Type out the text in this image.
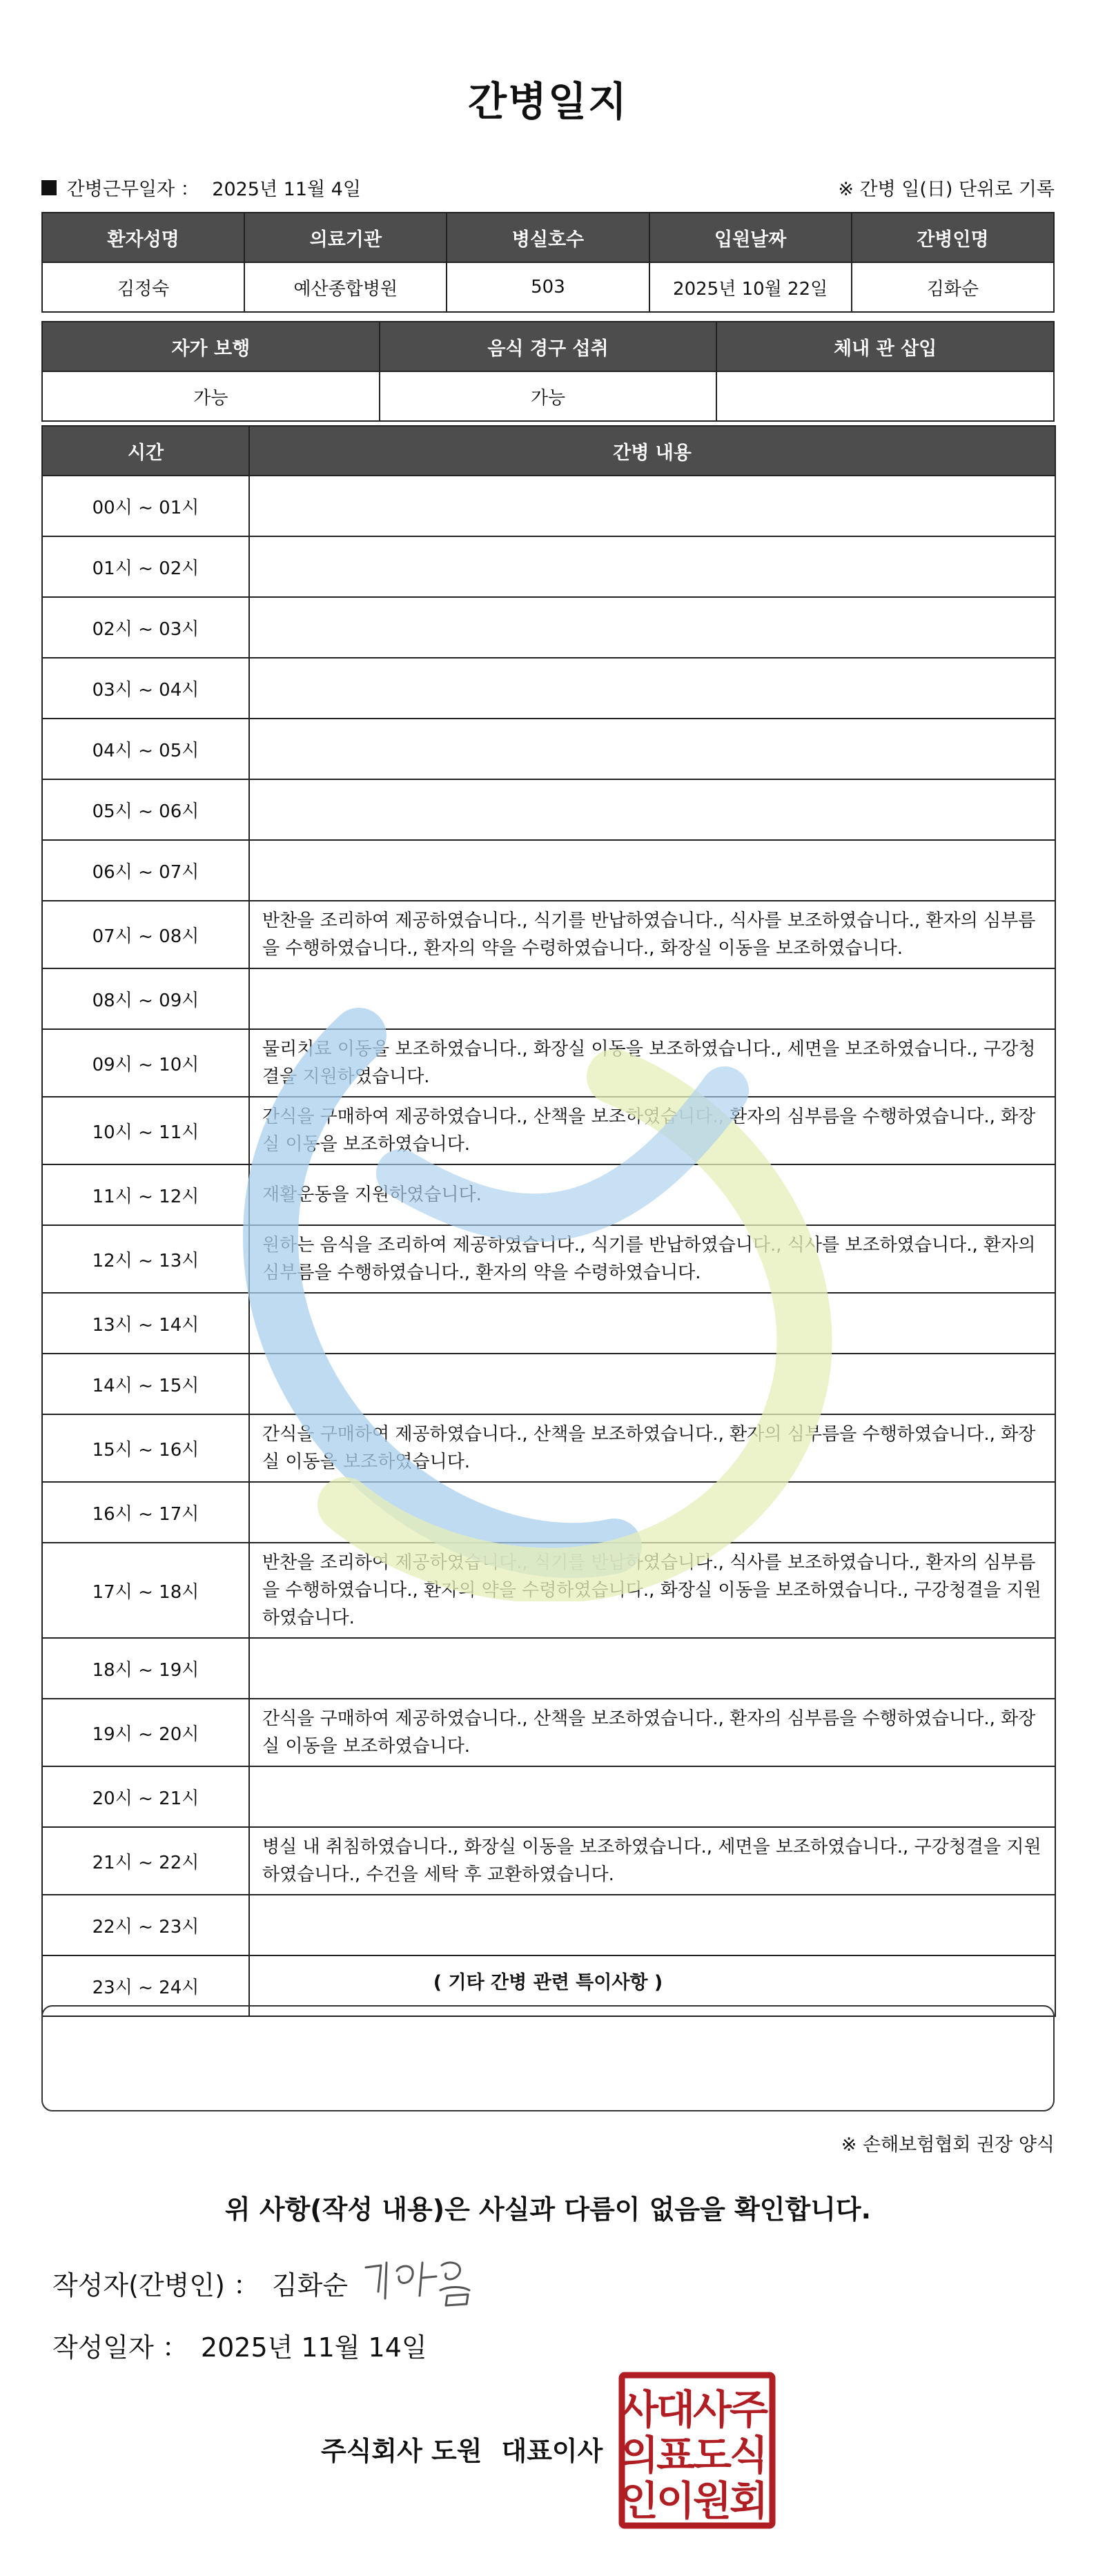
간병일지
간병근무일자 ： 2025년 11월 4일	※ 간병 일(日) 단위로 기록
환자성명	의료기관	병실호수	입원날짜	간병인명
김정숙	예산종합병원	503	2025년 10월 22일	김화순
자가 보행	음식 경구 섭취	체내 관 삽입
가능	가능	
시간	간병 내용
00시 ~ 01시	
01시 ~ 02시	
02시 ~ 03시	
03시 ~ 04시	
04시 ~ 05시	
05시 ~ 06시	
06시 ~ 07시	
07시 ~ 08시	반찬을 조리하여 제공하였습니다., 식기를 반납하였습니다., 식사를 보조하였습니다., 환자의 심부름을 수행하였습니다., 환자의 약을 수령하였습니다., 화장실 이동을 보조하였습니다.
08시 ~ 09시	
09시 ~ 10시	물리치료 이동을 보조하였습니다., 화장실 이동을 보조하였습니다., 세면을 보조하였습니다., 구강청결을 지원하였습니다.
10시 ~ 11시	간식을 구매하여 제공하였습니다., 산책을 보조하였습니다., 환자의 심부름을 수행하였습니다., 화장실 이동을 보조하였습니다.
11시 ~ 12시	재활운동을 지원하였습니다.
12시 ~ 13시	원하는 음식을 조리하여 제공하였습니다., 식기를 반납하였습니다., 식사를 보조하였습니다., 환자의 심부름을 수행하였습니다., 환자의 약을 수령하였습니다.
13시 ~ 14시	
14시 ~ 15시	
15시 ~ 16시	간식을 구매하여 제공하였습니다., 산책을 보조하였습니다., 환자의 심부름을 수행하였습니다., 화장실 이동을 보조하였습니다.
16시 ~ 17시	
17시 ~ 18시	반찬을 조리하여 제공하였습니다., 식기를 반납하였습니다., 식사를 보조하였습니다., 환자의 심부름을 수행하였습니다., 환자의 약을 수령하였습니다., 화장실 이동을 보조하였습니다., 구강청결을 지원하였습니다.
18시 ~ 19시	
19시 ~ 20시	간식을 구매하여 제공하였습니다., 산책을 보조하였습니다., 환자의 심부름을 수행하였습니다., 화장실 이동을 보조하였습니다.
20시 ~ 21시	
21시 ~ 22시	병실 내 취침하였습니다., 화장실 이동을 보조하였습니다., 세면을 보조하였습니다., 구강청결을 지원하였습니다., 수건을 세탁 후 교환하였습니다.
22시 ~ 23시	
23시 ~ 24시		( 기타 간병 관련 특이사항 )
※ 손해보험협회 권장 양식
위 사항(작성 내용)은 사실과 다름이 없음을 확인합니다.
작성자(간병인) ： 김화순
작성일자 ： 2025년 11월 14일
주식회사 도원 대표이사
주
식
회
사
도
원
대
표
이
사
의
인
